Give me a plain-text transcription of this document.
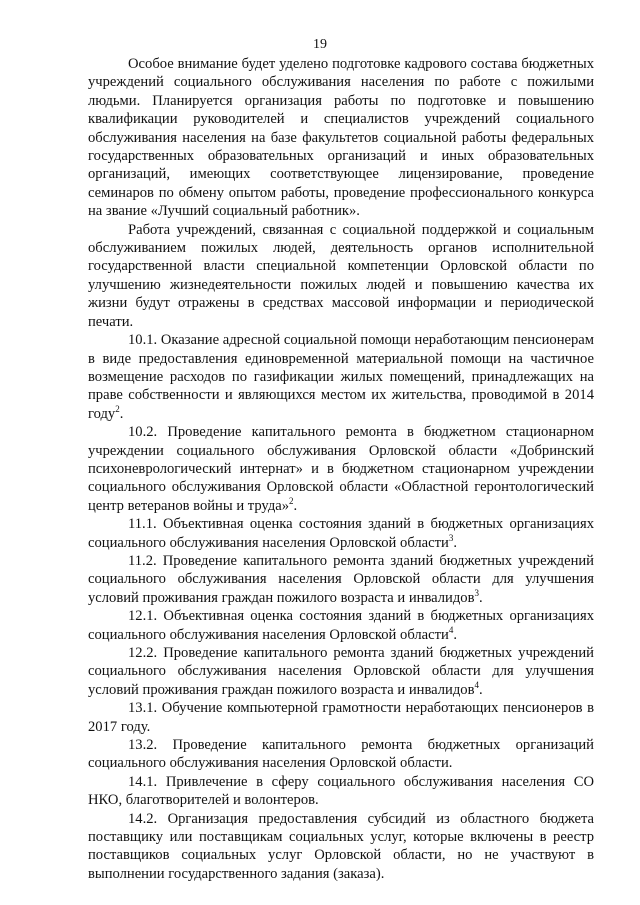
19

Особое внимание будет уделено подготовке кадрового состава бюджетных учреждений социального обслуживания населения по работе с пожилыми людьми. Планируется организация работы по подготовке и повышению квалификации руководителей и специалистов учреждений социального обслуживания населения на базе факультетов социальной работы федеральных государственных образовательных организаций и иных образовательных организаций, имеющих соответствующее лицензирование, проведение семинаров по обмену опытом работы, проведение профессионального конкурса на звание «Лучший социальный работник».

Работа учреждений, связанная с социальной поддержкой и социальным обслуживанием пожилых людей, деятельность органов исполнительной государственной власти специальной компетенции Орловской области по улучшению жизнедеятельности пожилых людей и повышению качества их жизни будут отражены в средствах массовой информации и периодической печати.

10.1. Оказание адресной социальной помощи неработающим пенсионерам в виде предоставления единовременной материальной помощи на частичное возмещение расходов по газификации жилых помещений, принадлежащих на праве собственности и являющихся местом их жительства, проводимой в 2014 году$^2$.

10.2. Проведение капитального ремонта в бюджетном стационарном учреждении социального обслуживания Орловской области «Добринский психоневрологический интернат» и в бюджетном стационарном учреждении социального обслуживания Орловской области «Областной геронтологический центр ветеранов войны и труда»$^2$.

11.1. Объективная оценка состояния зданий в бюджетных организациях социального обслуживания населения Орловской области$^3$.

11.2. Проведение капитального ремонта зданий бюджетных учреждений социального обслуживания населения Орловской области для улучшения условий проживания граждан пожилого возраста и инвалидов$^3$.

12.1. Объективная оценка состояния зданий в бюджетных организациях социального обслуживания населения Орловской области$^4$.

12.2. Проведение капитального ремонта зданий бюджетных учреждений социального обслуживания населения Орловской области для улучшения условий проживания граждан пожилого возраста и инвалидов$^4$.

13.1. Обучение компьютерной грамотности неработающих пенсионеров в 2017 году.

13.2. Проведение капитального ремонта бюджетных организаций социального обслуживания населения Орловской области.

14.1. Привлечение в сферу социального обслуживания населения СО НКО, благотворителей и волонтеров.

14.2. Организация предоставления субсидий из областного бюджета поставщику или поставщикам социальных услуг, которые включены в реестр поставщиков социальных услуг Орловской области, но не участвуют в выполнении государственного задания (заказа).
